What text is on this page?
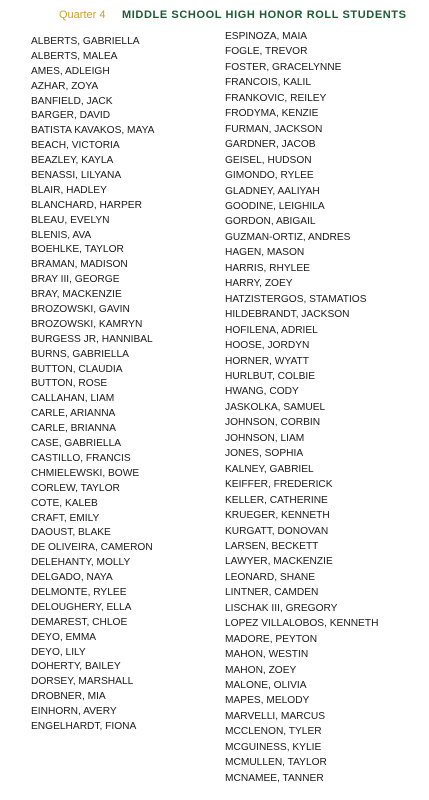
Quarter 4 MIDDLE SCHOOL HIGH HONOR ROLL STUDENTS
ALBERTS, GABRIELLA
ALBERTS, MALEA
AMES, ADLEIGH
AZHAR, ZOYA
BANFIELD, JACK
BARGER, DAVID
BATISTA KAVAKOS, MAYA
BEACH, VICTORIA
BEAZLEY, KAYLA
BENASSI, LILYANA
BLAIR, HADLEY
BLANCHARD, HARPER
BLEAU, EVELYN
BLENIS, AVA
BOEHLKE, TAYLOR
BRAMAN, MADISON
BRAY III, GEORGE
BRAY, MACKENZIE
BROZOWSKI, GAVIN
BROZOWSKI, KAMRYN
BURGESS JR, HANNIBAL
BURNS, GABRIELLA
BUTTON, CLAUDIA
BUTTON, ROSE
CALLAHAN, LIAM
CARLE, ARIANNA
CARLE, BRIANNA
CASE, GABRIELLA
CASTILLO, FRANCIS
CHMIELEWSKI, BOWE
CORLEW, TAYLOR
COTE, KALEB
CRAFT, EMILY
DAOUST, BLAKE
DE OLIVEIRA, CAMERON
DELEHANTY, MOLLY
DELGADO, NAYA
DELMONTE, RYLEE
DELOUGHERY, ELLA
DEMAREST, CHLOE
DEYO, EMMA
DEYO, LILY
DOHERTY, BAILEY
DORSEY, MARSHALL
DROBNER, MIA
EINHORN, AVERY
ENGELHARDT, FIONA
ESPINOZA, MAIA
FOGLE, TREVOR
FOSTER, GRACELYNNE
FRANCOIS, KALIL
FRANKOVIC, REILEY
FRODYMA, KENZIE
FURMAN, JACKSON
GARDNER, JACOB
GEISEL, HUDSON
GIMONDO, RYLEE
GLADNEY, AALIYAH
GOODINE, LEIGHILA
GORDON, ABIGAIL
GUZMAN-ORTIZ, ANDRES
HAGEN, MASON
HARRIS, RHYLEE
HARRY, ZOEY
HATZISTERGOS, STAMATIOS
HILDEBRANDT, JACKSON
HOFILENA, ADRIEL
HOOSE, JORDYN
HORNER, WYATT
HURLBUT, COLBIE
HWANG, CODY
JASKOLKA, SAMUEL
JOHNSON, CORBIN
JOHNSON, LIAM
JONES, SOPHIA
KALNEY, GABRIEL
KEIFFER, FREDERICK
KELLER, CATHERINE
KRUEGER, KENNETH
KURGATT, DONOVAN
LARSEN, BECKETT
LAWYER, MACKENZIE
LEONARD, SHANE
LINTNER, CAMDEN
LISCHAK III, GREGORY
LOPEZ VILLALOBOS, KENNETH
MADORE, PEYTON
MAHON, WESTIN
MAHON, ZOEY
MALONE, OLIVIA
MAPES, MELODY
MARVELLI, MARCUS
MCCLENON, TYLER
MCGUINESS, KYLIE
MCMULLEN, TAYLOR
MCNAMEE, TANNER
